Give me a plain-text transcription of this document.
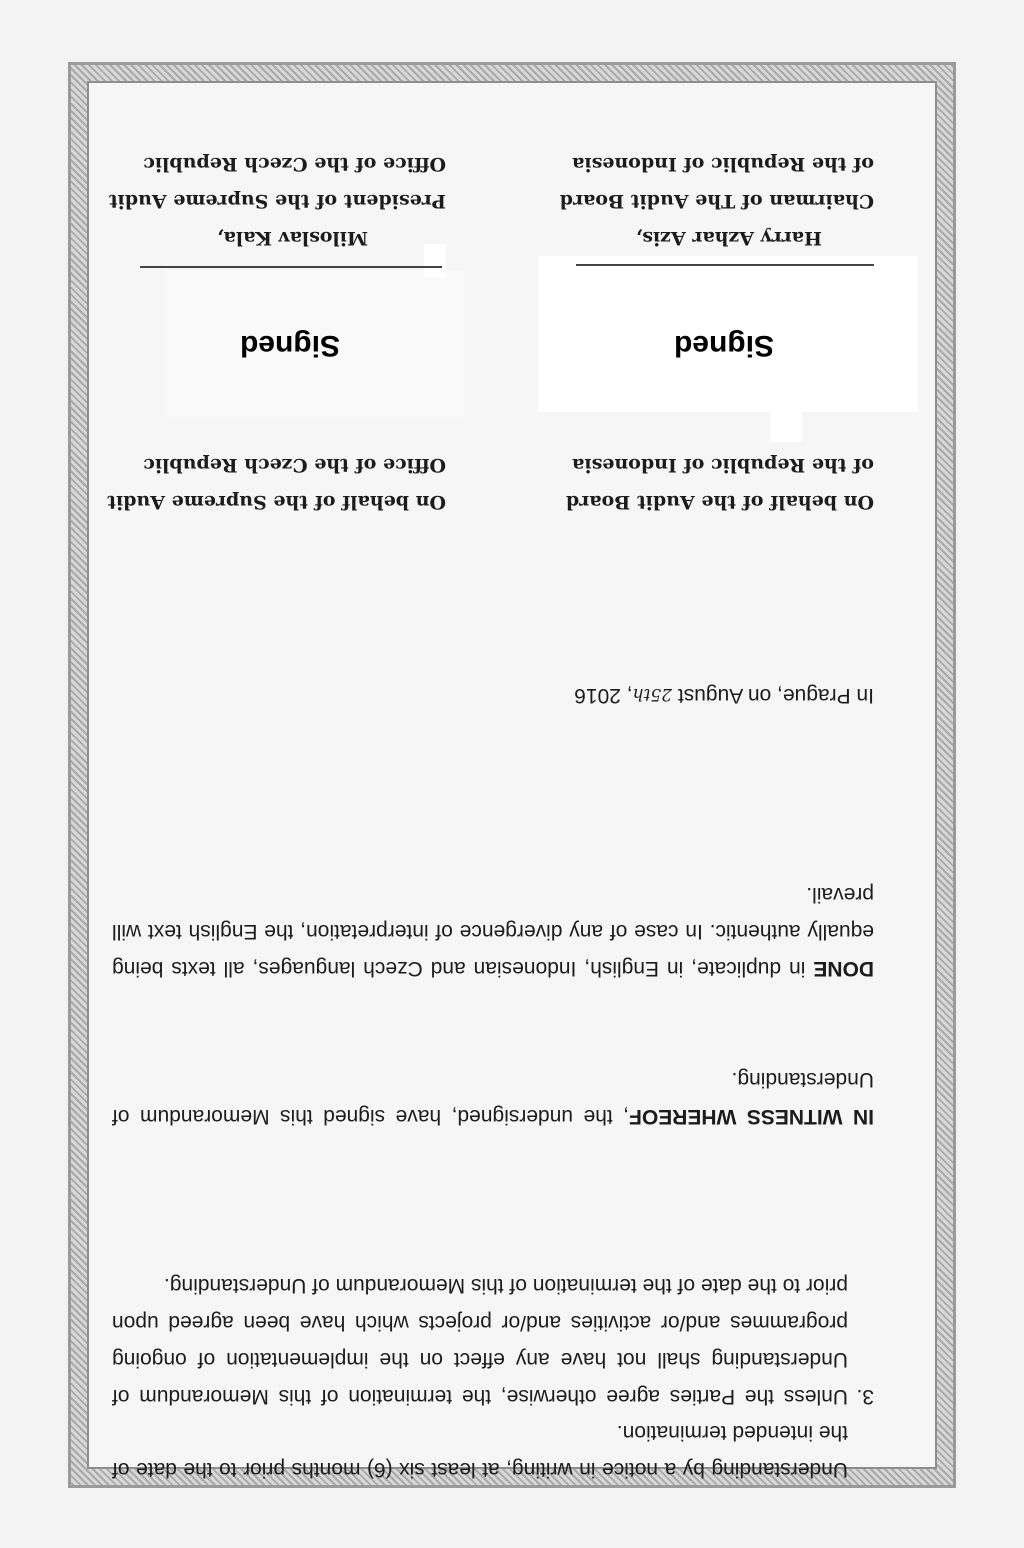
Understanding by a notice in writing, at least six (6) months prior to the date of the intended termination.
3.
Unless the Parties agree otherwise, the termination of this Memorandum of Understanding shall not have any effect on the implementation of ongoing programmes and/or activities and/or projects which have been agreed upon prior to the date of the termination of this Memorandum of Understanding.
IN WITNESS WHEREOF, the undersigned, have signed this Memorandum of Understanding.
DONE in duplicate, in English, Indonesian and Czech languages, all texts being equally authentic. In case of any divergence of interpretation, the English text will prevail.
In Prague, on August 25th, 2016
On behalf of the Audit Board
of the Republic of Indonesia
Signed
Harry Azhar Azis,
Chairman of The Audit Board
of the Republic of Indonesia
On behalf of the Supreme Audit
Office of the Czech Republic
Signed
Miloslav Kala,
President of the Supreme Audit
Office of the Czech Republic
